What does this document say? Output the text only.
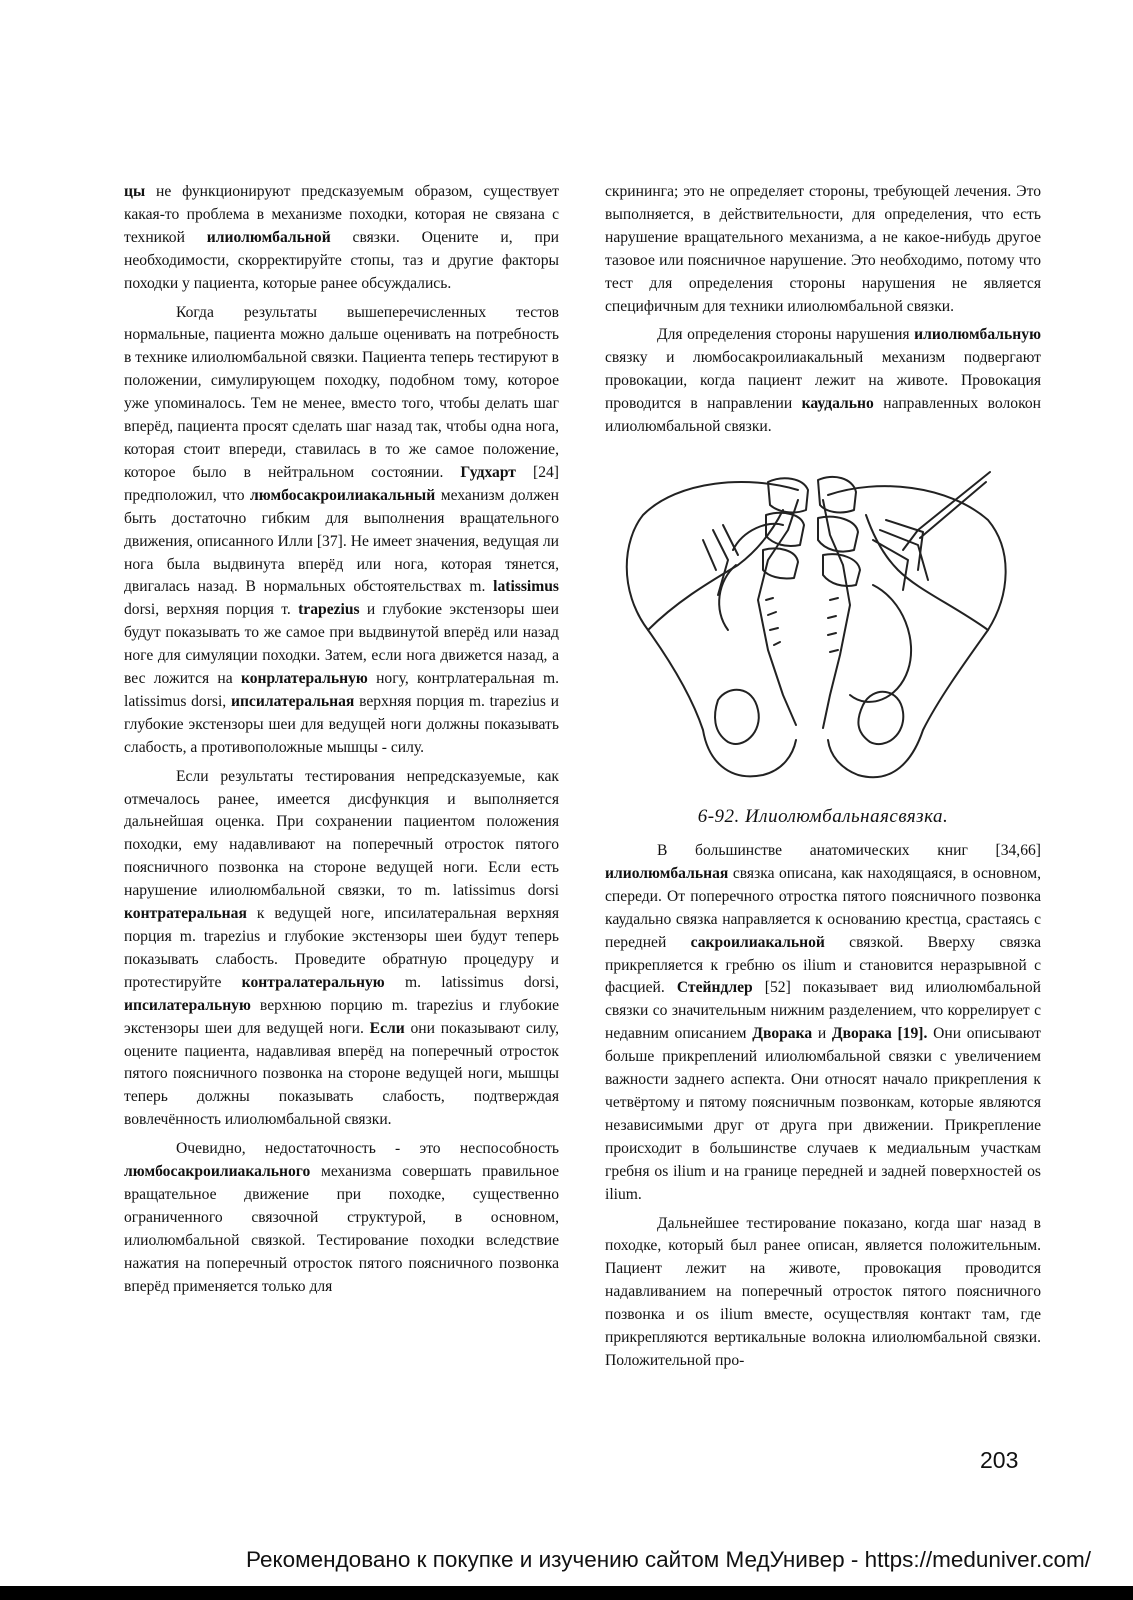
цы не функционируют предсказуемым образом, существует какая-то проблема в механизме походки, которая не связана с техникой илиолюмбальной связки. Оцените и, при необходимости, скорректируйте стопы, таз и другие факторы походки у пациента, которые ранее обсуждались.

Когда результаты вышеперечисленных тестов нормальные, пациента можно дальше оценивать на потребность в технике илиолюмбальной связки. Пациента теперь тестируют в положении, симулирующем походку, подобном тому, которое уже упоминалось. Тем не менее, вместо того, чтобы делать шаг вперёд, пациента просят сделать шаг назад так, чтобы одна нога, которая стоит впереди, ставилась в то же самое положение, которое было в нейтральном состоянии. Гудхарт [24] предположил, что люмбосакроилиакальный механизм должен быть достаточно гибким для выполнения вращательного движения, описанного Илли [37]. Не имеет значения, ведущая ли нога была выдвинута вперёд или нога, которая тянется, двигалась назад. В нормальных обстоятельствах m. latissimus dorsi, верхняя порция т. trapezius и глубокие экстензоры шеи будут показывать то же самое при выдвинутой вперёд или назад ноге для симуляции походки. Затем, если нога движется назад, а вес ложится на конрлатеральную ногу, контрлатеральная m. latissimus dorsi, ипсилатеральная верхняя порция m. trapezius и глубокие экстензоры шеи для ведущей ноги должны показывать слабость, а противоположные мышцы - силу.

Если результаты тестирования непредсказуемые, как отмечалось ранее, имеется дисфункция и выполняется дальнейшая оценка. При сохранении пациентом положения походки, ему надавливают на поперечный отросток пятого поясничного позвонка на стороне ведущей ноги. Если есть нарушение илиолюмбальной связки, то m. latissimus dorsi контратеральная к ведущей ноге, ипсилатеральная верхняя порция m. trapezius и глубокие экстензоры шеи будут теперь показывать слабость. Проведите обратную процедуру и протестируйте контралатеральную m. latissimus dorsi, ипсилатеральную верхнюю порцию m. trapezius и глубокие экстензоры шеи для ведущей ноги. Если они показывают силу, оцените пациента, надавливая вперёд на поперечный отросток пятого поясничного позвонка на стороне ведущей ноги, мышцы теперь должны показывать слабость, подтверждая вовлечённость илиолюмбальной связки.

Очевидно, недостаточность - это неспособность люмбосакроилиакального механизма совершать правильное вращательное движение при походке, существенно ограниченного связочной структурой, в основном, илиолюмбальной связкой. Тестирование походки вследствие нажатия на поперечный отросток пятого поясничного позвонка вперёд применяется только для

скрининга; это не определяет стороны, требующей лечения. Это выполняется, в действительности, для определения, что есть нарушение вращательного механизма, а не какое-нибудь другое тазовое или поясничное нарушение. Это необходимо, потому что тест для определения стороны нарушения не является специфичным для техники илиолюмбальной связки.

Для определения стороны нарушения илиолюмбальную связку и люмбосакроилиакальный механизм подвергают провокации, когда пациент лежит на животе. Провокация проводится в направлении каудально направленных волокон илиолюмбальной связки.

6-92. Илиолюмбальнаясвязка.

В большинстве анатомических книг [34,66] илиолюмбальная связка описана, как находящаяся, в основном, спереди. От поперечного отростка пятого поясничного позвонка каудально связка направляется к основанию крестца, срастаясь с передней сакроилиакальной связкой. Вверху связка прикрепляется к гребню os ilium и становится неразрывной с фасцией. Стейндлер [52] показывает вид илиолюмбальной связки со значительным нижним разделением, что коррелирует с недавним описанием Дворака и Дворака [19]. Они описывают больше прикреплений илиолюмбальной связки с увеличением важности заднего аспекта. Они относят начало прикрепления к четвёртому и пятому поясничным позвонкам, которые являются независимыми друг от друга при движении. Прикрепление происходит в большинстве случаев к медиальным участкам гребня os ilium и на границе передней и задней поверхностей os ilium.

Дальнейшее тестирование показано, когда шаг назад в походке, который был ранее описан, является положительным. Пациент лежит на животе, провокация проводится надавливанием на поперечный отросток пятого поясничного позвонка и os ilium вместе, осуществляя контакт там, где прикрепляются вертикальные волокна илиолюмбальной связки. Положительной про-

203
Рекомендовано к покупке и изучению сайтом МедУнивер - https://meduniver.com/
